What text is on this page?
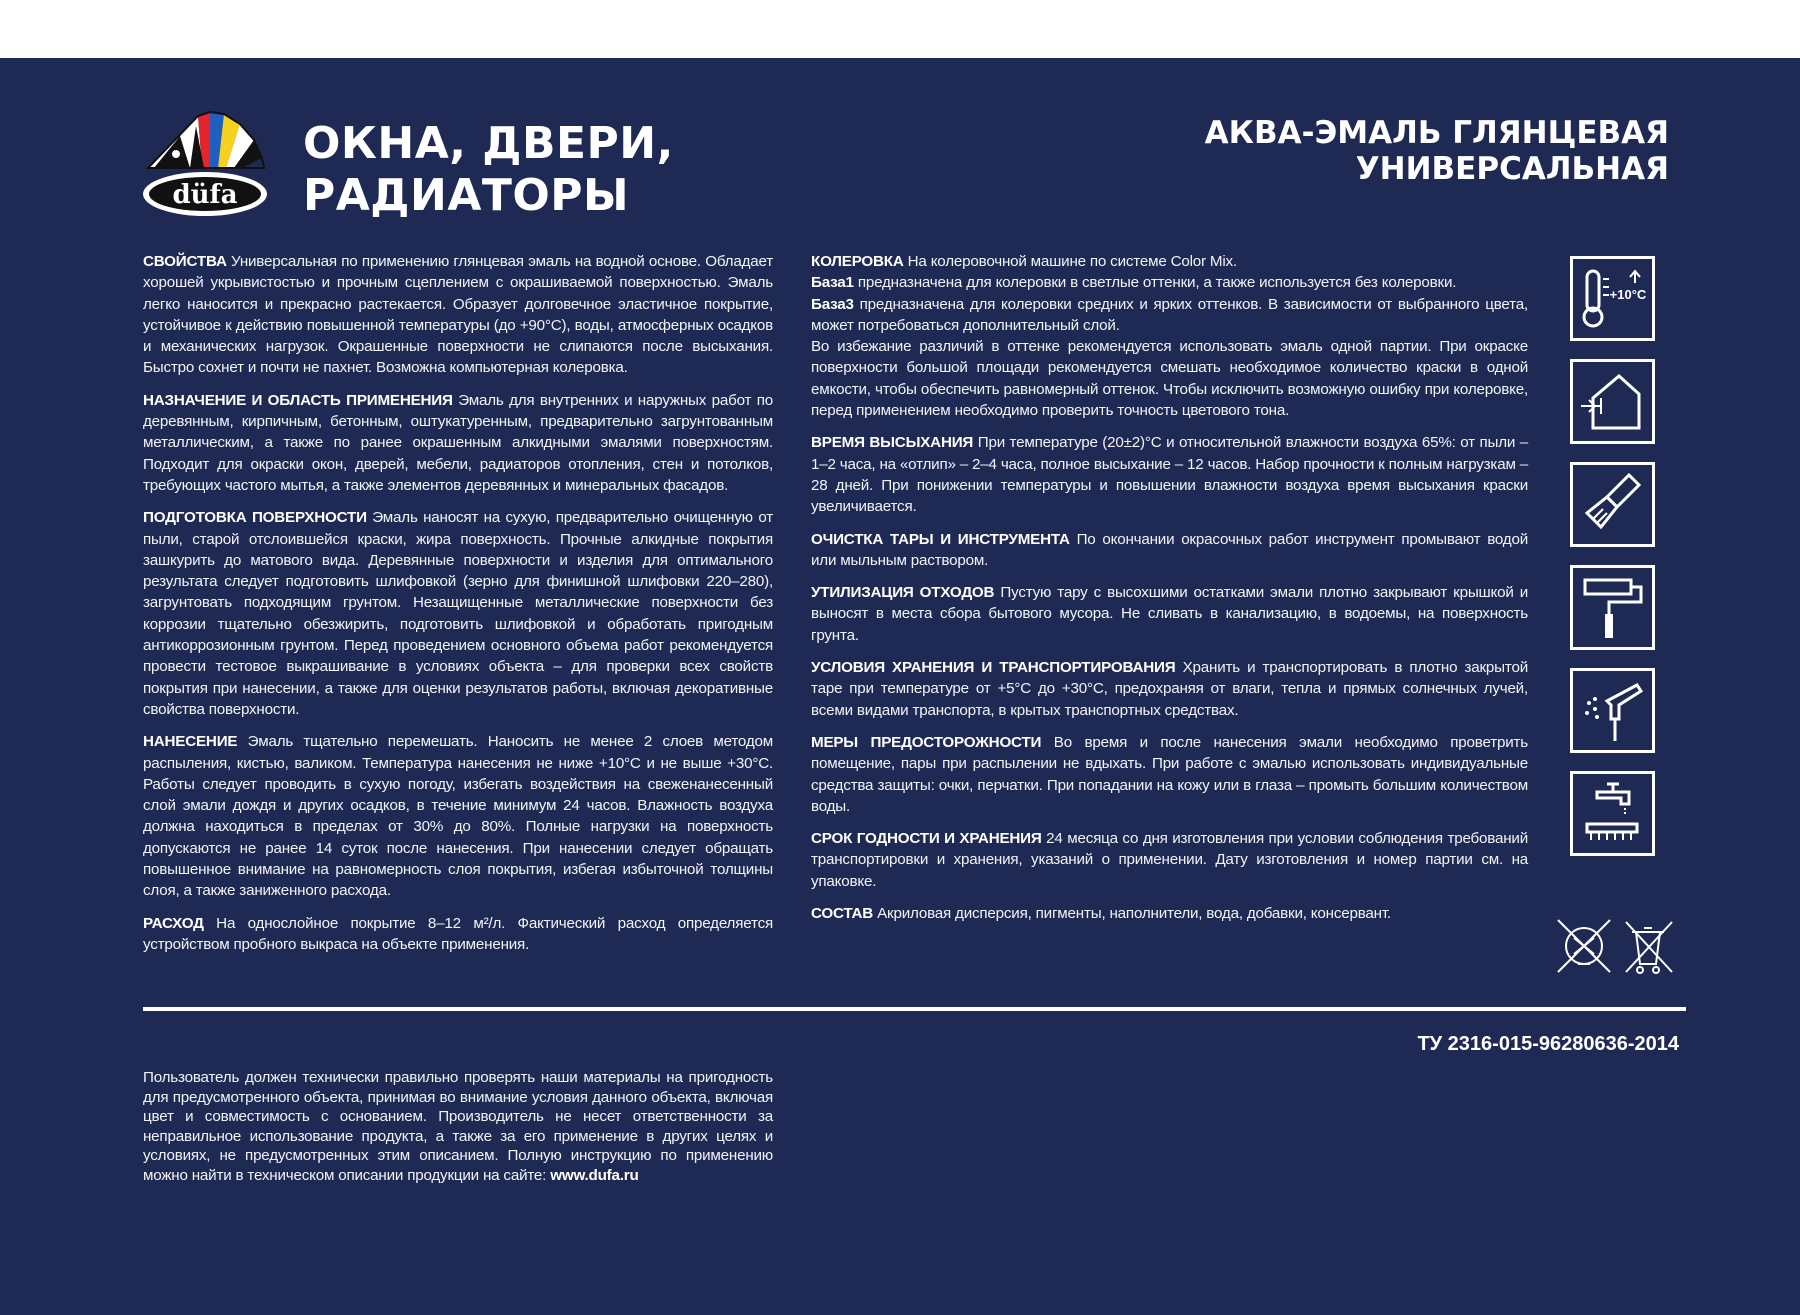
düfa
ОКНА, ДВЕРИ,
РАДИАТОРЫ
АКВА-ЭМАЛЬ ГЛЯНЦЕВАЯ
УНИВЕРСАЛЬНАЯ

СВОЙСТВА Универсальная по применению глянцевая эмаль на водной основе. Обладает хорошей укрывистостью и прочным сцеплением с окрашиваемой поверхностью. Эмаль легко наносится и прекрасно растекается. Образует долговечное эластичное покрытие, устойчивое к действию повышенной температуры (до +90°С), воды, атмосферных осадков и механических нагрузок. Окрашенные поверхности не слипаются после высыхания. Быстро сохнет и почти не пахнет. Возможна компьютерная колеровка.

НАЗНАЧЕНИЕ И ОБЛАСТЬ ПРИМЕНЕНИЯ Эмаль для внутренних и наружных работ по деревянным, кирпичным, бетонным, оштукатуренным, предварительно загрунтованным металлическим, а также по ранее окрашенным алкидными эмалями поверхностям. Подходит для окраски окон, дверей, мебели, радиаторов отопления, стен и потолков, требующих частого мытья, а также элементов деревянных и минеральных фасадов.

ПОДГОТОВКА ПОВЕРХНОСТИ Эмаль наносят на сухую, предварительно очищенную от пыли, старой отслоившейся краски, жира поверхность. Прочные алкидные покрытия зашкурить до матового вида. Деревянные поверхности и изделия для оптимального результата следует подготовить шлифовкой (зерно для финишной шлифовки 220–280), загрунтовать подходящим грунтом. Незащищенные металлические поверхности без коррозии тщательно обезжирить, подготовить шлифовкой и обработать пригодным антикоррозионным грунтом. Перед проведением основного объема работ рекомендуется провести тестовое выкрашивание в условиях объекта – для проверки всех свойств покрытия при нанесении, а также для оценки результатов работы, включая декоративные свойства поверхности.

НАНЕСЕНИЕ Эмаль тщательно перемешать. Наносить не менее 2 слоев методом распыления, кистью, валиком. Температура нанесения не ниже +10°С и не выше +30°С. Работы следует проводить в сухую погоду, избегать воздействия на свеженанесенный слой эмали дождя и других осадков, в течение минимум 24 часов. Влажность воздуха должна находиться в пределах от 30% до 80%. Полные нагрузки на поверхность допускаются не ранее 14 суток после нанесения. При нанесении следует обращать повышенное внимание на равномерность слоя покрытия, избегая избыточной толщины слоя, а также заниженного расхода.

РАСХОД На однослойное покрытие 8–12 м²/л. Фактический расход определяется устройством пробного выкраса на объекте применения.

КОЛЕРОВКА На колеровочной машине по системе Color Mix.
База1 предназначена для колеровки в светлые оттенки, а также используется без колеровки.
База3 предназначена для колеровки средних и ярких оттенков. В зависимости от выбранного цвета, может потребоваться дополнительный слой.
Во избежание различий в оттенке рекомендуется использовать эмаль одной партии. При окраске поверхности большой площади рекомендуется смешать необходимое количество краски в одной емкости, чтобы обеспечить равномерный оттенок. Чтобы исключить возможную ошибку при колеровке, перед применением необходимо проверить точность цветового тона.

ВРЕМЯ ВЫСЫХАНИЯ При температуре (20±2)°С и относительной влажности воздуха 65%: от пыли – 1–2 часа, на «отлип» – 2–4 часа, полное высыхание – 12 часов. Набор прочности к полным нагрузкам – 28 дней. При понижении температуры и повышении влажности воздуха время высыхания краски увеличивается.

ОЧИСТКА ТАРЫ И ИНСТРУМЕНТА По окончании окрасочных работ инструмент промывают водой или мыльным раствором.

УТИЛИЗАЦИЯ ОТХОДОВ Пустую тару с высохшими остатками эмали плотно закрывают крышкой и выносят в места сбора бытового мусора. Не сливать в канализацию, в водоемы, на поверхность грунта.

УСЛОВИЯ ХРАНЕНИЯ И ТРАНСПОРТИРОВАНИЯ Хранить и транспортировать в плотно закрытой таре при температуре от +5°С до +30°С, предохраняя от влаги, тепла и прямых солнечных лучей, всеми видами транспорта, в крытых транспортных средствах.

МЕРЫ ПРЕДОСТОРОЖНОСТИ Во время и после нанесения эмали необходимо проветрить помещение, пары при распылении не вдыхать. При работе с эмалью использовать индивидуальные средства защиты: очки, перчатки. При попадании на кожу или в глаза – промыть большим количеством воды.

СРОК ГОДНОСТИ И ХРАНЕНИЯ 24 месяца со дня изготовления при условии соблюдения требований транспортировки и хранения, указаний о применении. Дату изготовления и номер партии см. на упаковке.

СОСТАВ Акриловая дисперсия, пигменты, наполнители, вода, добавки, консервант.

+10°С
ТУ 2316-015-96280636-2014

Пользователь должен технически правильно проверять наши материалы на пригодность для предусмотренного объекта, принимая во внимание условия данного объекта, включая цвет и совместимость с основанием. Производитель не несет ответственности за неправильное использование продукта, а также за его применение в других целях и условиях, не предусмотренных этим описанием. Полную инструкцию по применению можно найти в техническом описании продукции на сайте: www.dufa.ru
